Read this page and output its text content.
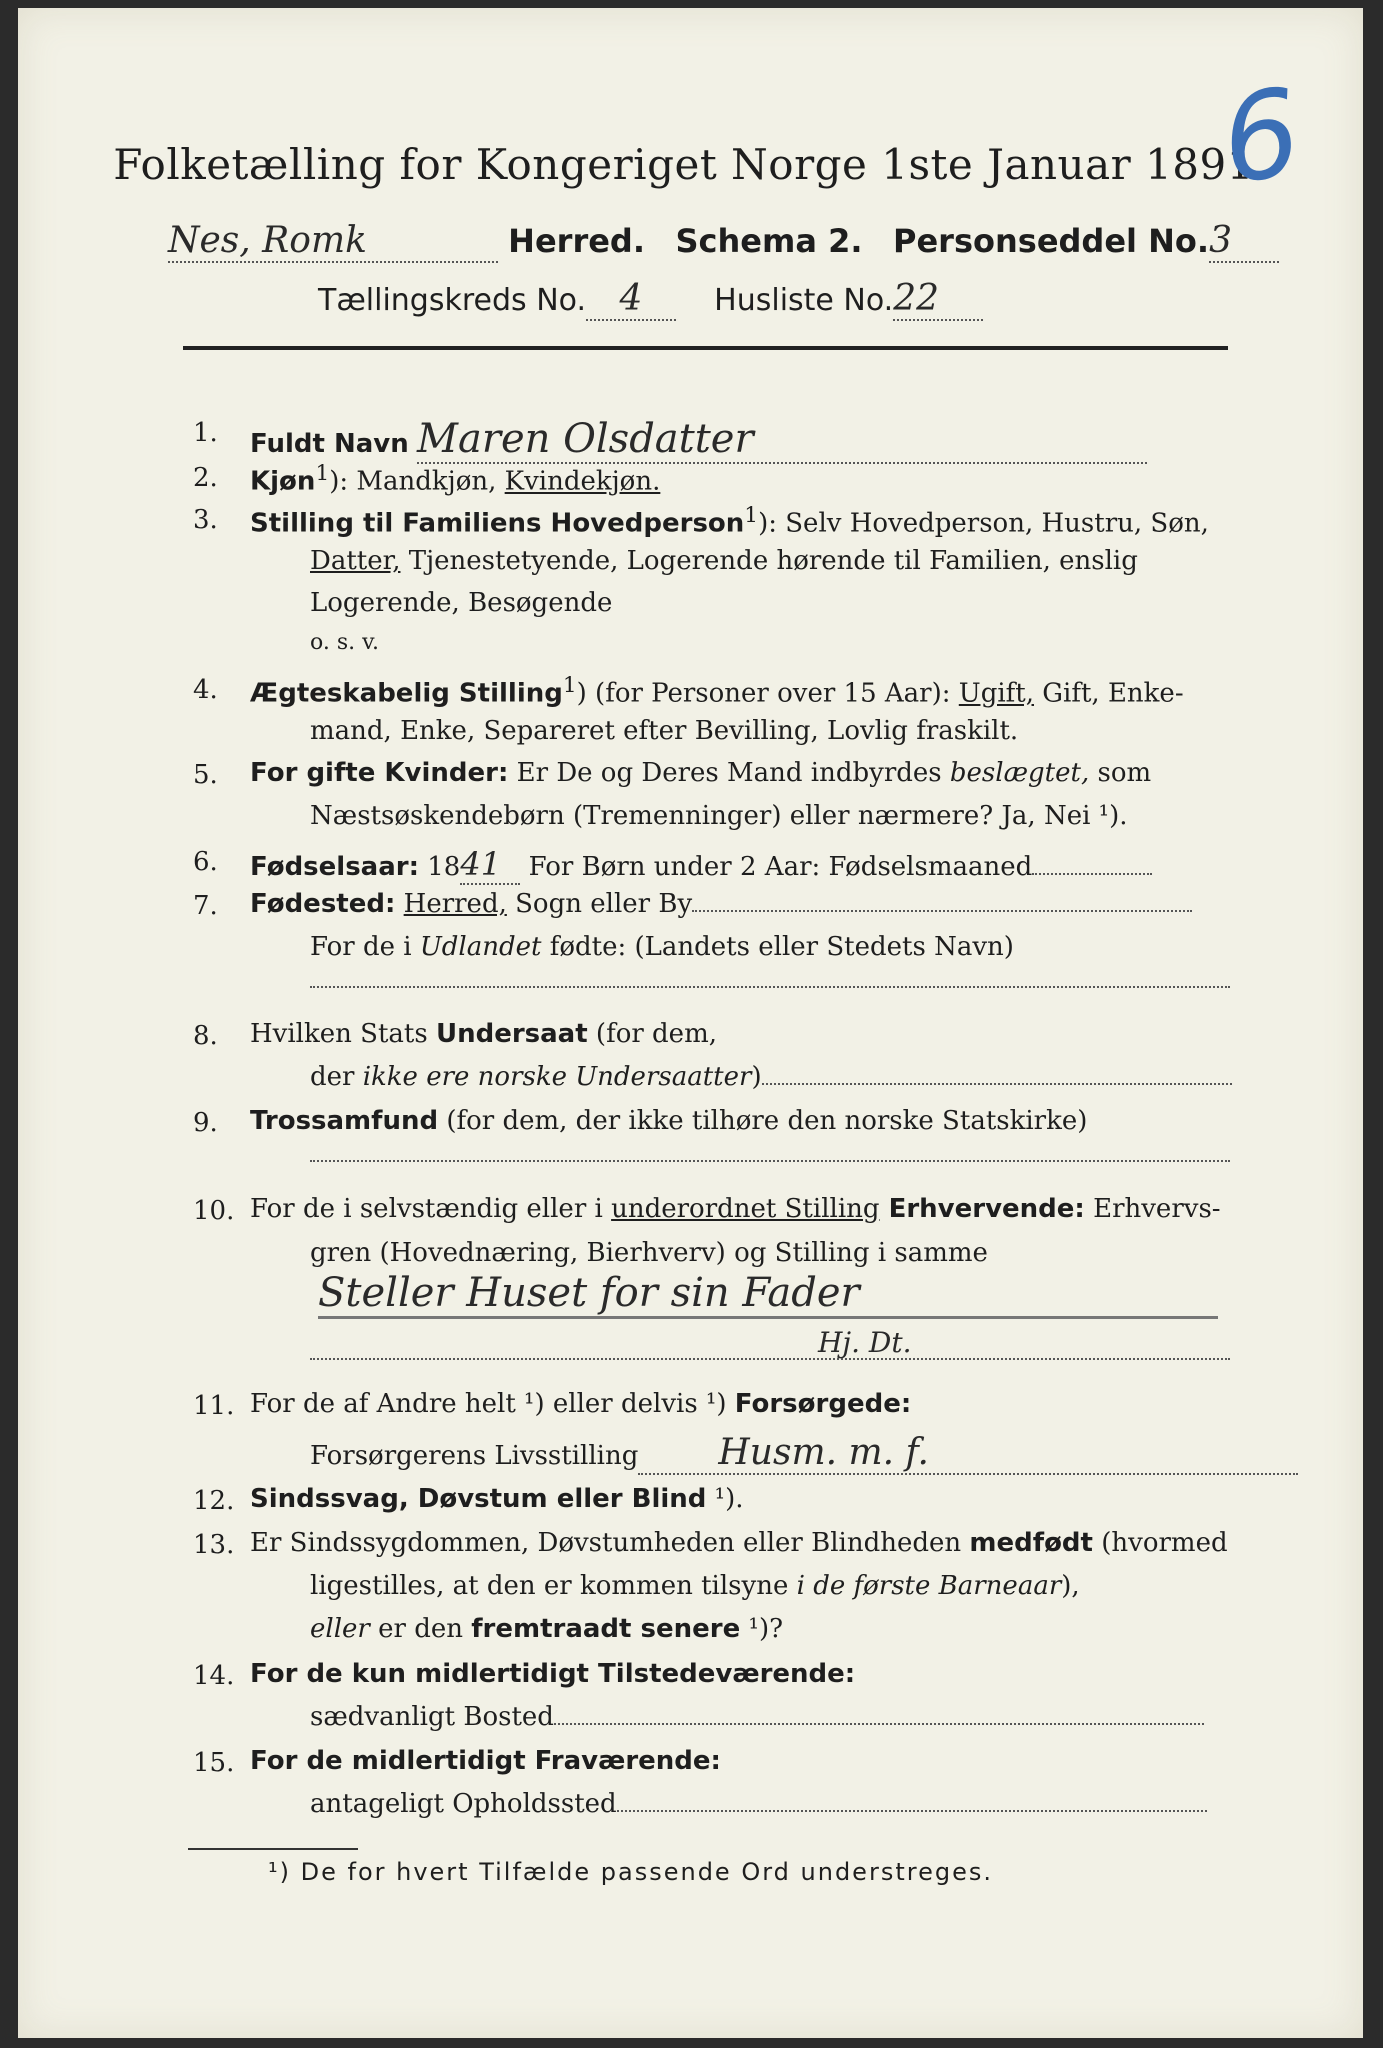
Folketælling for Kongeriget Norge 1ste Januar 1891.
6
Nes, Romk	Herred. Schema 2. Personseddel No.3
Tællingskreds No. 4 Husliste No.22
1. Fuldt Navn Maren Olsdatter
2. Kjøn$^1$): Mandkjøn, Kvindekjøn.
3. Stilling til Familiens Hovedperson$^1$): Selv Hovedperson, Hustru, Søn,
Datter, Tjenestetyende, Logerende hørende til Familien, enslig
Logerende, Besøgende
o. s. v.
4. Ægteskabelig Stilling$^1$) (for Personer over 15 Aar): Ugift, Gift, Enke-
mand, Enke, Separeret efter Bevilling, Lovlig fraskilt.
5. For gifte Kvinder: Er De og Deres Mand indbyrdes beslægtet, som
Næstsøskendebørn (Tremenninger) eller nærmere? Ja, Nei ¹).
6. Fødselsaar: 1841 For Børn under 2 Aar: Fødselsmaaned
7. Fødested: Herred, Sogn eller By
For de i Udlandet fødte: (Landets eller Stedets Navn)
8. Hvilken Stats Undersaat (for dem,
der ikke ere norske Undersaatter)
9. Trossamfund (for dem, der ikke tilhøre den norske Statskirke)
10. For de i selvstændig eller i underordnet Stilling Erhvervende: Erhvervs-
gren (Hovednæring, Bierhverv) og Stilling i samme
Steller Huset for sin Fader
Hj. Dt.
11. For de af Andre helt ¹) eller delvis ¹) Forsørgede:
Forsørgerens Livsstilling Husm. m. f.
12. Sindssvag, Døvstum eller Blind ¹).
13. Er Sindssygdommen, Døvstumheden eller Blindheden medfødt (hvormed
ligestilles, at den er kommen tilsyne i de første Barneaar),
eller er den fremtraadt senere ¹)?
14. For de kun midlertidigt Tilstedeværende:
sædvanligt Bosted
15. For de midlertidigt Fraværende:
antageligt Opholdssted
¹) De for hvert Tilfælde passende Ord understreges.
